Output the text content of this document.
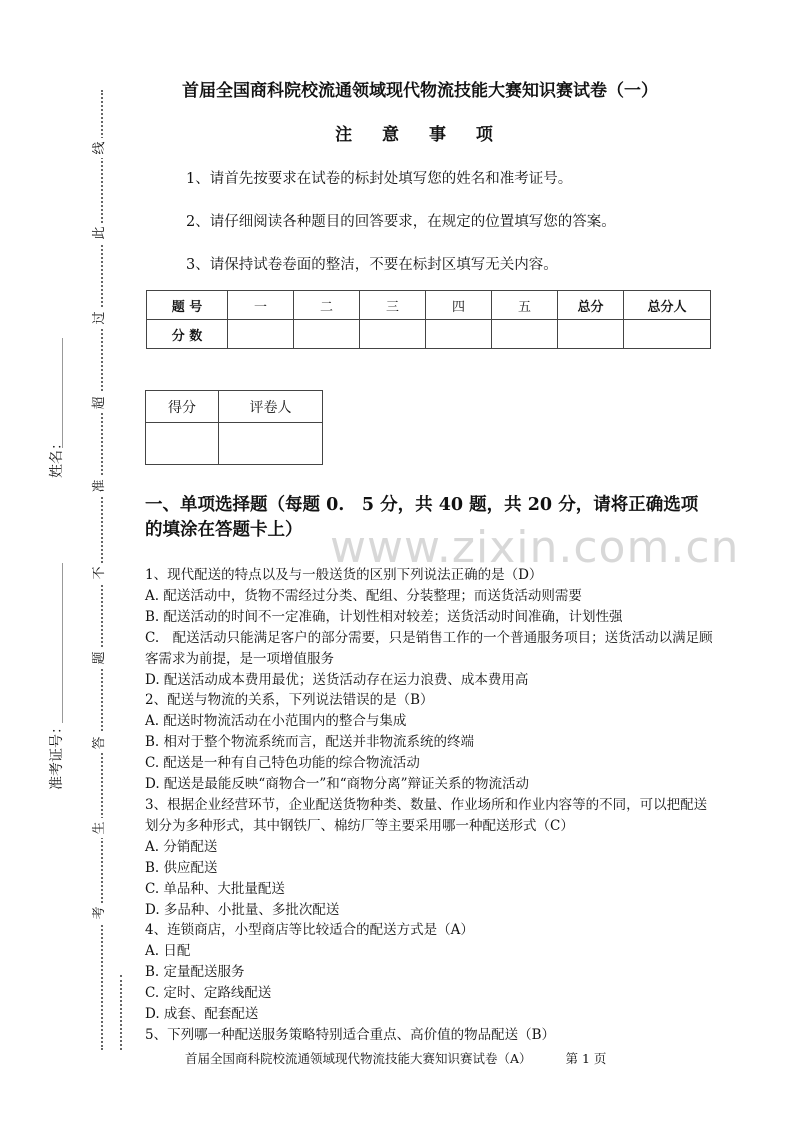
线
此
过
超
准
不
题
答
生
考
姓名：
准考证号：
首届全国商科院校流通领域现代物流技能大赛知识赛试卷（一）
注 意 事 项
1、请首先按要求在试卷的标封处填写您的姓名和准考证号。
2、请仔细阅读各种题目的回答要求，在规定的位置填写您的答案。
3、请保持试卷卷面的整洁，不要在标封区填写无关内容。
题 号	一	二	三	四	五	总分	总分人
分 数							
得分	评卷人

一、单项选择题（每题 0.　5 分，共 40 题，共 20 分，请将正确选项
的填涂在答题卡上） www.zixin.com.cn
1、现代配送的特点以及与一般送货的区别下列说法正确的是（D）
A. 配送活动中，货物不需经过分类、配组、分装整理；而送货活动则需要
B. 配送活动的时间不一定准确，计划性相对较差；送货活动时间准确，计划性强
C.　配送活动只能满足客户的部分需要，只是销售工作的一个普通服务项目；送货活动以满足顾客需求为前提，是一项增值服务
D. 配送活动成本费用最优；送货活动存在运力浪费、成本费用高
2、配送与物流的关系，下列说法错误的是（B）
A. 配送时物流活动在小范围内的整合与集成
B. 相对于整个物流系统而言，配送并非物流系统的终端
C. 配送是一种有自己特色功能的综合物流活动
D. 配送是最能反映“商物合一”和“商物分离”辩证关系的物流活动
3、根据企业经营环节，企业配送货物种类、数量、作业场所和作业内容等的不同，可以把配送划分为多种形式，其中钢铁厂、棉纺厂等主要采用哪一种配送形式（C）
A. 分销配送
B. 供应配送
C. 单品种、大批量配送
D. 多品种、小批量、多批次配送
4、连锁商店，小型商店等比较适合的配送方式是（A）
A. 日配
B. 定量配送服务
C. 定时、定路线配送
D. 成套、配套配送
5、下列哪一种配送服务策略特别适合重点、高价值的物品配送（B）
首届全国商科院校流通领域现代物流技能大赛知识赛试卷（A）	第 1 页
